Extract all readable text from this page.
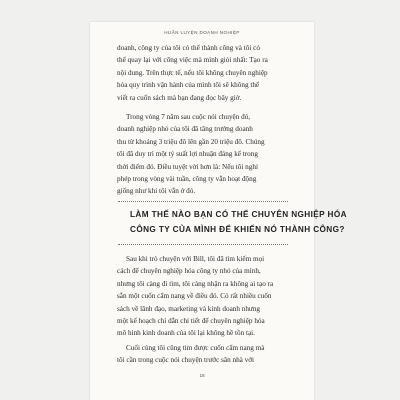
HUẤN LUYỆN DOANH NGHIỆP

doanh, công ty của tôi có thể thành công và tôi có
thể quay lại với công việc mà mình giỏi nhất: Tạo ra
nội dung. Trên thực tế, nếu tôi không chuyên nghiệp
hóa quy trình vận hành của mình tôi sẽ không thể
viết ra cuốn sách mà bạn đang đọc bây giờ.

Trong vòng 7 năm sau cuộc nói chuyện đó,
doanh nghiệp nhỏ của tôi đã tăng trưởng doanh
thu từ khoảng 3 triệu đô lên gần 20 triệu đô. Chúng
tôi đã duy trì một tỷ suất lợi nhuận đáng kể trong
thời điểm đó. Điều tuyệt vời hơn là: Nếu tôi nghỉ
phép trong vòng vài tuần, công ty vẫn hoạt động
giống như khi tôi vẫn ở đó.

LÀM THẾ NÀO BẠN CÓ THỂ CHUYÊN NGHIỆP HÓA
CÔNG TY CỦA MÌNH ĐỂ KHIẾN NÓ THÀNH CÔNG?

Sau khi trò chuyện với Bill, tôi đã tìm kiếm mọi
cách để chuyên nghiệp hóa công ty nhỏ của mình,
nhưng tôi càng đi tìm, tôi càng nhận ra không ai tạo ra
sẵn một cuốn cẩm nang về điều đó. Có rất nhiều cuốn
sách về lãnh đạo, marketing và kinh doanh nhưng
một kế hoạch chỉ dẫn chi tiết để chuyên nghiệp hóa
mô hình kinh doanh của tôi lại không hề tồn tại.

Cuối cùng tôi cũng tìm được cuốn cẩm nang mà
tôi cần trong cuộc nói chuyện trước sân nhà với

18
